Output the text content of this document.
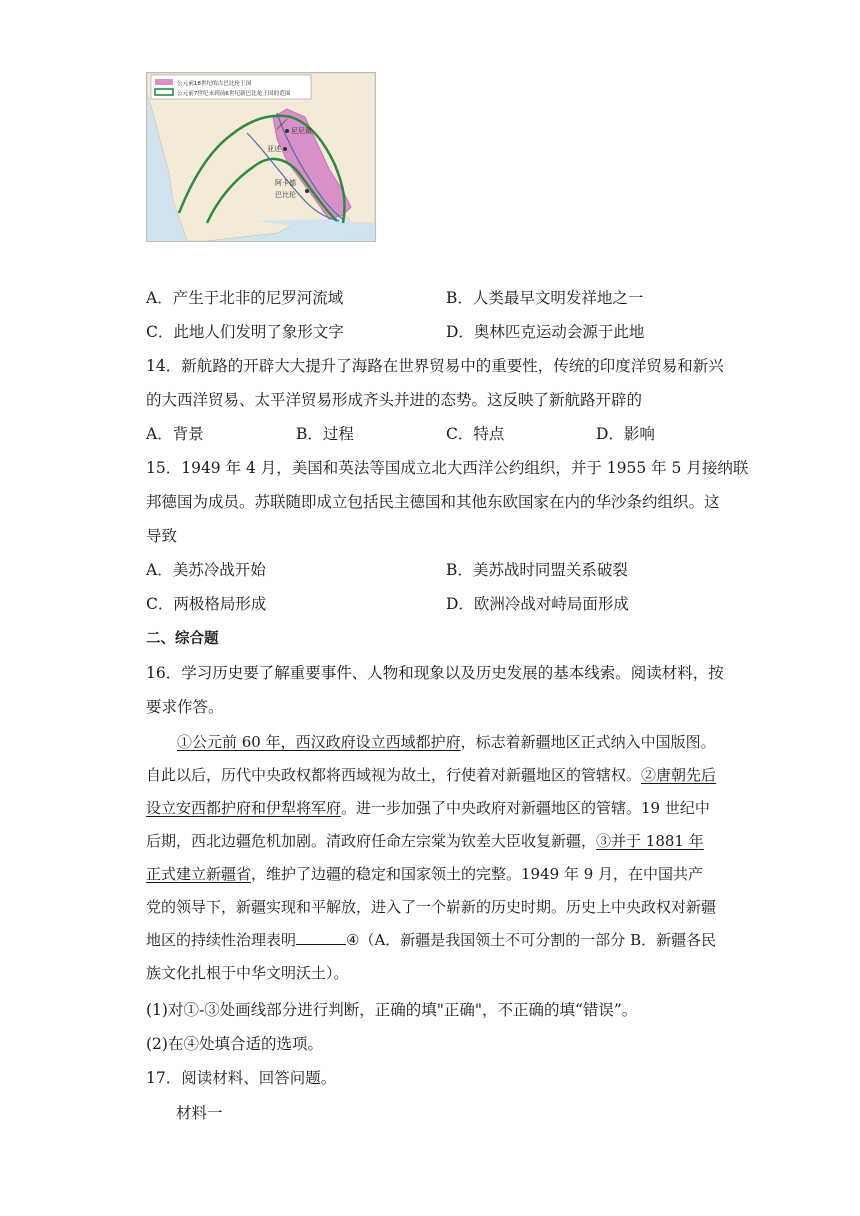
尼尼微
亚述
阿卡德
巴比伦
公元前18世纪的古巴比伦王国
公元前7世纪末到前6世纪新巴比伦王国的范围
A．产生于北非的尼罗河流域	B．人类最早文明发祥地之一
C．此地人们发明了象形文字	D．奥林匹克运动会源于此地
14．新航路的开辟大大提升了海路在世界贸易中的重要性，传统的印度洋贸易和新兴
的大西洋贸易、太平洋贸易形成齐头并进的态势。这反映了新航路开辟的
A．背景	B．过程	C．特点	D．影响
15．1949 年 4 月，美国和英法等国成立北大西洋公约组织，并于 1955 年 5 月接纳联
邦德国为成员。苏联随即成立包括民主德国和其他东欧国家在内的华沙条约组织。这
导致
A．美苏冷战开始	B．美苏战时同盟关系破裂
C．两极格局形成	D．欧洲冷战对峙局面形成
二、综合题
16．学习历史要了解重要事件、人物和现象以及历史发展的基本线索。阅读材料，按
要求作答。
①公元前 60 年，西汉政府设立西域都护府，标志着新疆地区正式纳入中国版图。自此以后，历代中央政权都将西域视为故土，行使着对新疆地区的管辖权。②唐朝先后设立安西都护府和伊犁将军府。进一步加强了中央政府对新疆地区的管辖。19 世纪中后期，西北边疆危机加剧。清政府任命左宗棠为钦差大臣收复新疆，③并于 1881 年正式建立新疆省，维护了边疆的稳定和国家领土的完整。1949 年 9 月，在中国共产党的领导下，新疆实现和平解放，进入了一个崭新的历史时期。历史上中央政权对新疆地区的持续性治理表明	④（A．新疆是我国领土不可分割的一部分 B．新疆各民族文化扎根于中华文明沃土）。
(1)对①-③处画线部分进行判断，正确的填"正确"，不正确的填“错误”。
(2)在④处填合适的选项。
17．阅读材料、回答问题。
材料一
